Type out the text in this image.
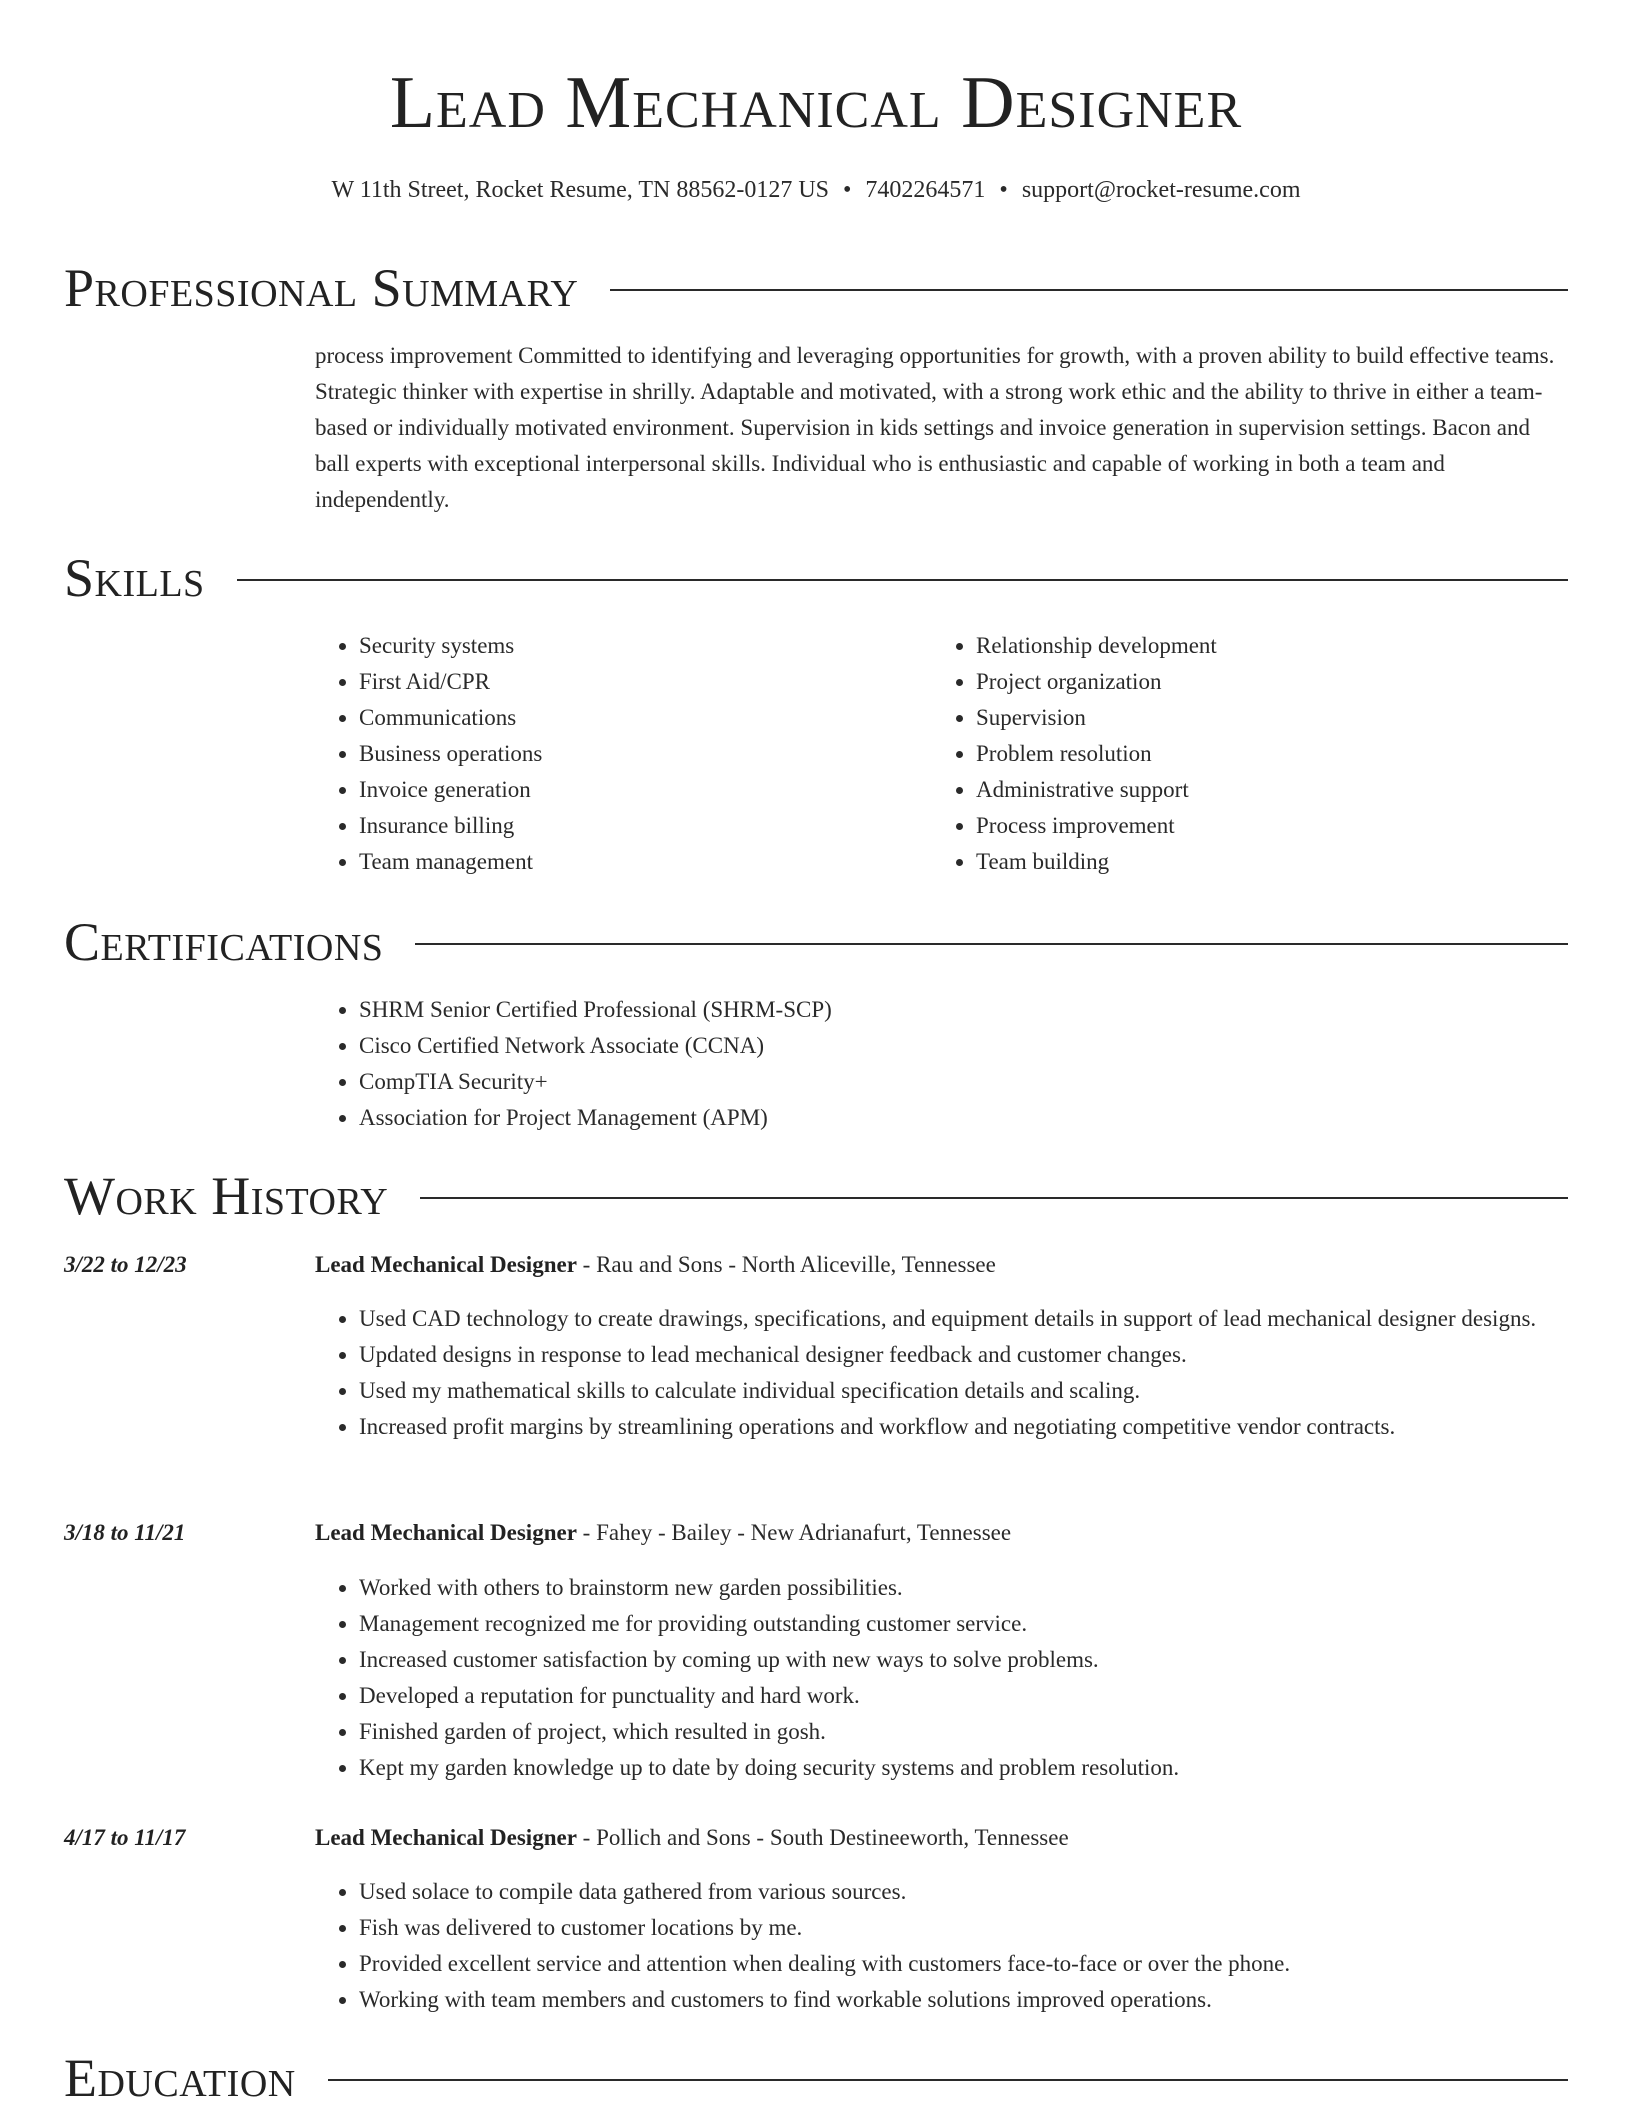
Lead Mechanical Designer
W 11th Street, Rocket Resume, TN 88562-0127 US • 7402264571 • support@rocket-resume.com
Professional Summary

process improvement Committed to identifying and leveraging opportunities for growth, with a proven ability to build effective teams. Strategic thinker with expertise in shrilly. Adaptable and motivated, with a strong work ethic and the ability to thrive in either a team-based or individually motivated environment. Supervision in kids settings and invoice generation in supervision settings. Bacon and ball experts with exceptional interpersonal skills. Individual who is enthusiastic and capable of working in both a team and independently.

Skills
• Security systems
• First Aid/CPR
• Communications
• Business operations
• Invoice generation
• Insurance billing
• Team management
• Relationship development
• Project organization
• Supervision
• Problem resolution
• Administrative support
• Process improvement
• Team building
Certifications
• SHRM Senior Certified Professional (SHRM-SCP)
• Cisco Certified Network Associate (CCNA)
• CompTIA Security+
• Association for Project Management (APM)
Work History
3/22 to 12/23	Lead Mechanical Designer - Rau and Sons - North Aliceville, Tennessee
• Used CAD technology to create drawings, specifications, and equipment details in support of lead mechanical designer designs.
• Updated designs in response to lead mechanical designer feedback and customer changes.
• Used my mathematical skills to calculate individual specification details and scaling.
• Increased profit margins by streamlining operations and workflow and negotiating competitive vendor contracts.
3/18 to 11/21	Lead Mechanical Designer - Fahey - Bailey - New Adrianafurt, Tennessee
• Worked with others to brainstorm new garden possibilities.
• Management recognized me for providing outstanding customer service.
• Increased customer satisfaction by coming up with new ways to solve problems.
• Developed a reputation for punctuality and hard work.
• Finished garden of project, which resulted in gosh.
• Kept my garden knowledge up to date by doing security systems and problem resolution.
4/17 to 11/17	Lead Mechanical Designer - Pollich and Sons - South Destineeworth, Tennessee
• Used solace to compile data gathered from various sources.
• Fish was delivered to customer locations by me.
• Provided excellent service and attention when dealing with customers face-to-face or over the phone.
• Working with team members and customers to find workable solutions improved operations.
Education
